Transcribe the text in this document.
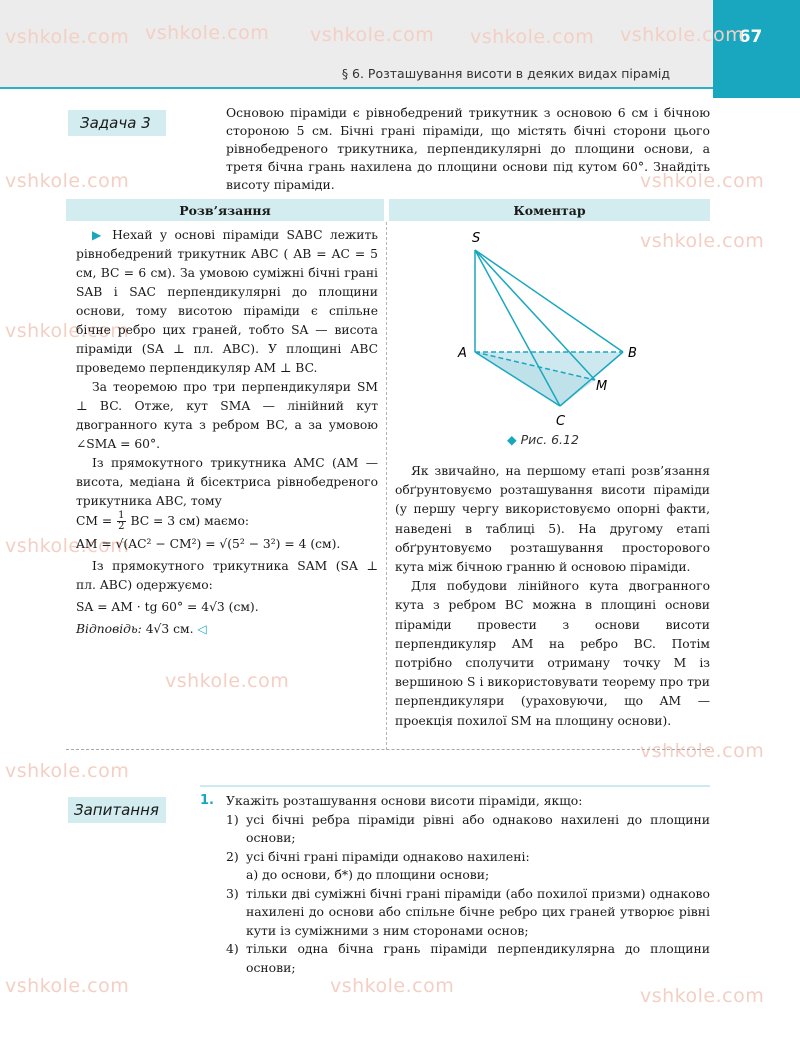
67
§ 6. Розташування висоти в деяких видах пірамід
vshkole.com vshkole.com vshkole.com vshkole.com vshkole.com
vshkole.com	vshkole.com
vshkole.com
vshkole.com
vshkole.com
vshkole.com
vshkole.com
vshkole.com
vshkole.com	vshkole.com	vshkole.com
Задача 3
Основою піраміди є рівнобедрений трикутник з основою 6 см і бічною стороною 5 см. Бічні грані піраміди, що містять бічні сторони цього рівнобедреного трикутника, перпендикулярні до площини основи, а третя бічна грань нахилена до площини основи під кутом 60°. Знайдіть висоту піраміди.
Розв’язання	Коментар

▶ Нехай у основі піраміди SABC лежить рівнобедрений трикутник ABC ( AB = AC = 5 см, BC = 6 см). За умовою суміжні бічні грані SAB і SAC перпендикулярні до площини основи, тому висотою піраміди є спільне бічне ребро цих граней, тобто SA — висота піраміди (SA ⊥ пл. ABC). У площині ABC проведемо перпендикуляр AM ⊥ BC.

За теоремою про три перпендикуляри SM ⊥ BC. Отже, кут SMA — лінійний кут двогранного кута з ребром BC, а за умовою ∠SMA = 60°.

Із прямокутного трикутника AMC (AM — висота, медіана й бісектриса рівнобедреного трикутника ABC, тому

CM = $\frac{1}{2}$ BC = 3 см) маємо:

AM = √(AC² − CM²) = √(5² − 3²) = 4 (см).

Із прямокутного трикутника SAM (SA ⊥ пл. ABC) одержуємо:

SA = AM · tg 60° = 4√3 (см).

Відповідь: 4√3 см. ◁

S
A	B
M
C
◆ Рис. 6.12

Як звичайно, на першому етапі розв’язання обґрунтовуємо розташування висоти піраміди (у першу чергу використовуємо опорні факти, наведені в таблиці 5). На другому етапі обґрунтовуємо розташування просторового кута між бічною гранню й основою піраміди.

Для побудови лінійного кута двогранного кута з ребром BC можна в площині основи піраміди провести з основи висоти перпендикуляр AM на ребро BC. Потім потрібно сполучити отриману точку M із вершиною S і використовувати теорему про три перпендикуляри (ураховуючи, що AM — проекція похилої SM на площину основи).

Запитання
1. Укажіть розташування основи висоти піраміди, якщо:
1) усі бічні ребра піраміди рівні або однаково нахилені до площини основи;
2) усі бічні грані піраміди однаково нахилені:
а) до основи, б*) до площини основи;
3) тільки дві суміжні бічні грані піраміди (або похилої призми) однаково нахилені до основи або спільне бічне ребро цих граней утворює рівні кути із суміжними з ним сторонами основ;
4) тільки одна бічна грань піраміди перпендикулярна до площини основи;
